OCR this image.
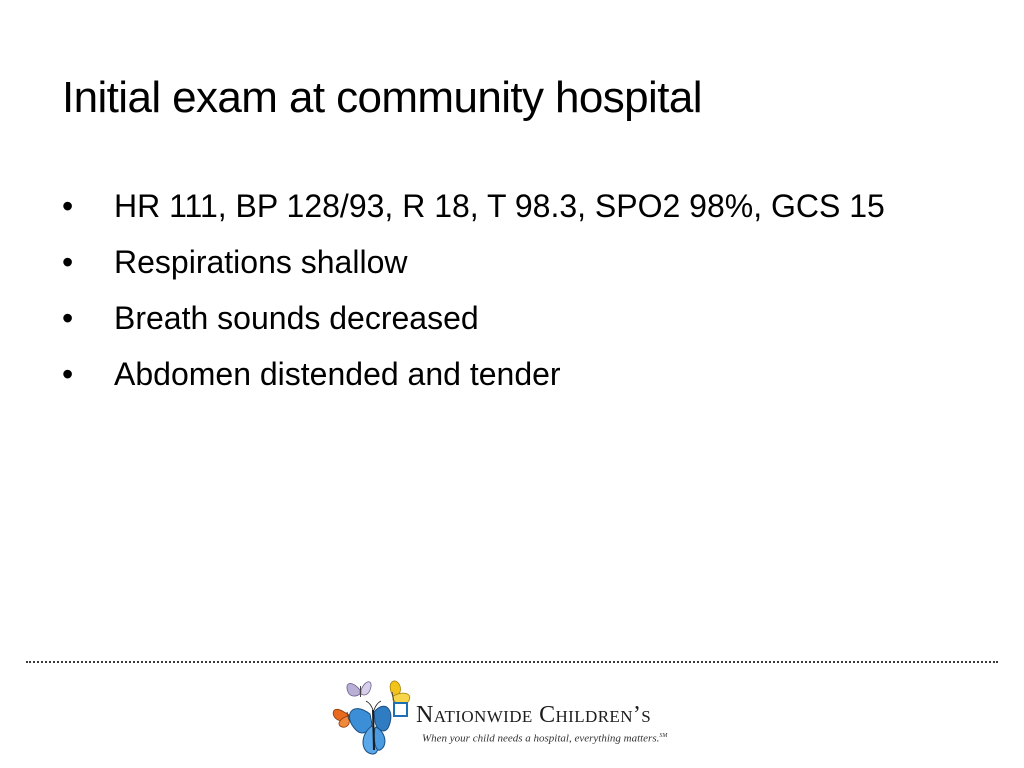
Initial exam at community hospital
• HR 111, BP 128/93, R 18, T 98.3, SPO2 98%, GCS 15
• Respirations shallow
• Breath sounds decreased
• Abdomen distended and tender
Nationwide Children’s
When your child needs a hospital, everything matters.℠
